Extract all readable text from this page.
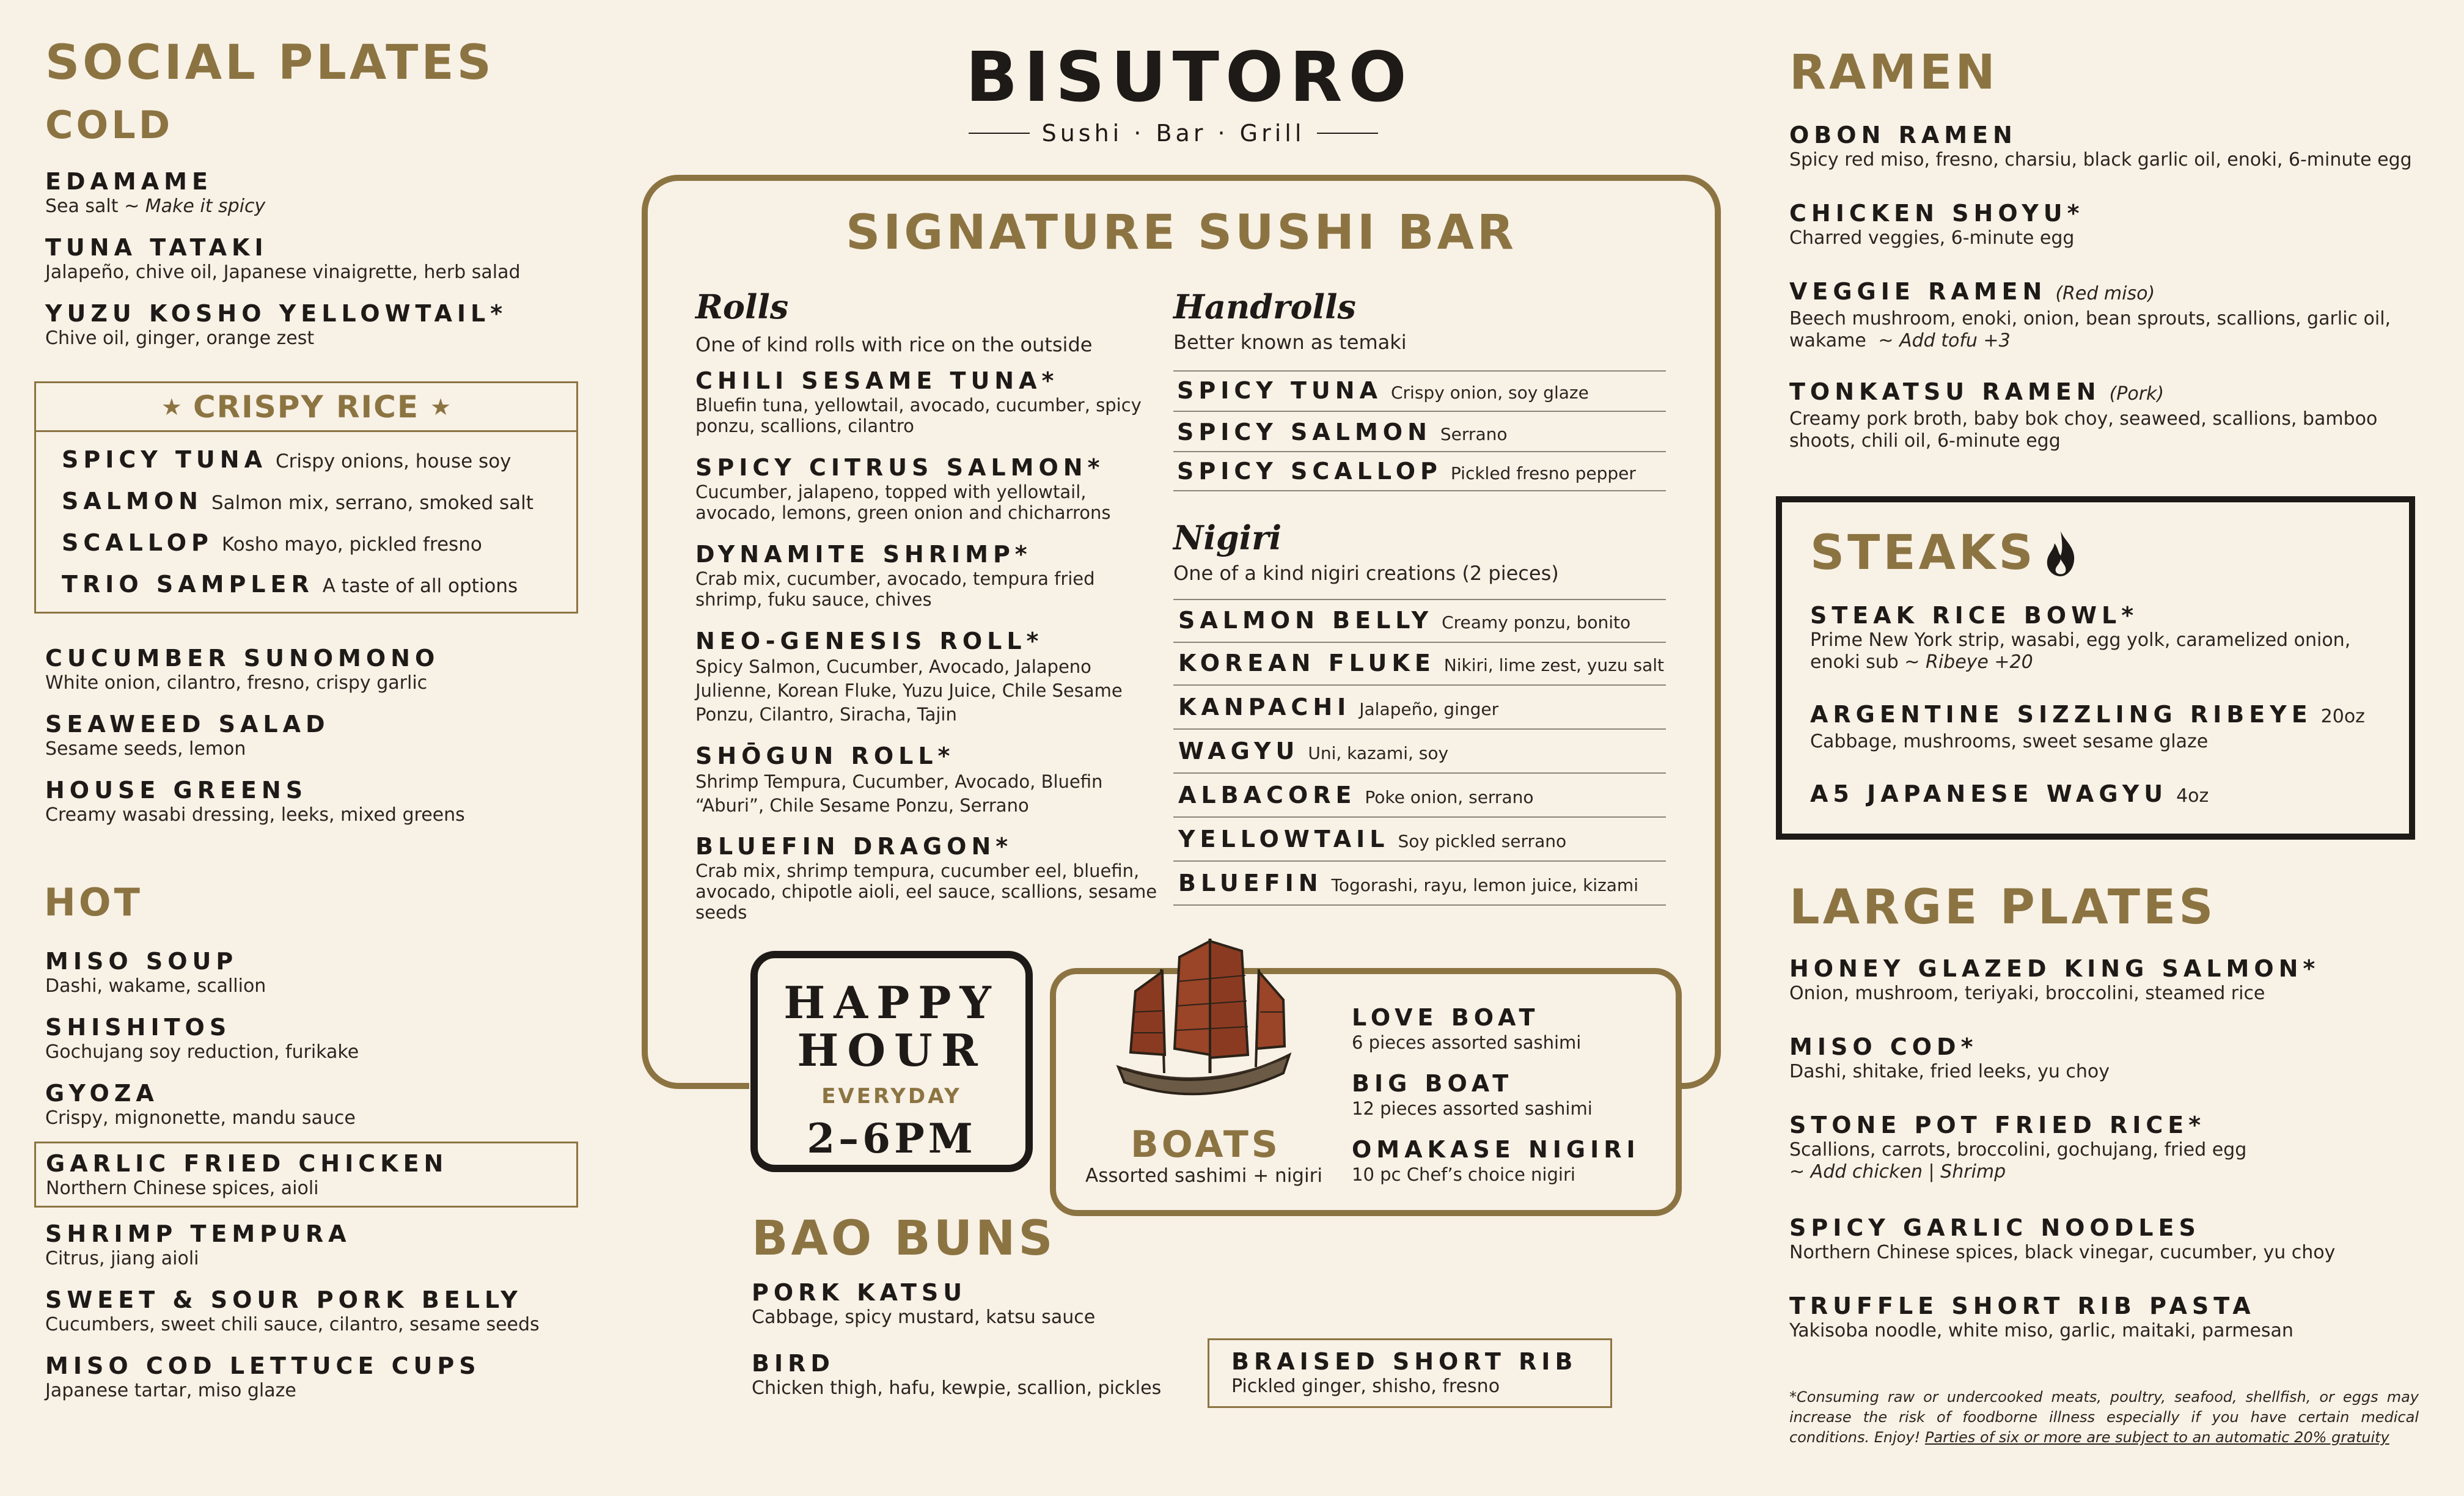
SOCIAL PLATES
COLD
EDAMAME
Sea salt ~ Make it spicy
TUNA TATAKI
Jalapeño, chive oil, Japanese vinaigrette, herb salad
YUZU KOSHO YELLOWTAIL*
Chive oil, ginger, orange zest
★ CRISPY RICE ★
SPICY TUNA Crispy onions, house soy
SALMON Salmon mix, serrano, smoked salt
SCALLOP Kosho mayo, pickled fresno
TRIO SAMPLER A taste of all options
CUCUMBER SUNOMONO
White onion, cilantro, fresno, crispy garlic
SEAWEED SALAD
Sesame seeds, lemon
HOUSE GREENS
Creamy wasabi dressing, leeks, mixed greens
HOT
MISO SOUP
Dashi, wakame, scallion
SHISHITOS
Gochujang soy reduction, furikake
GYOZA
Crispy, mignonette, mandu sauce
GARLIC FRIED CHICKEN
Northern Chinese spices, aioli
SHRIMP TEMPURA
Citrus, jiang aioli
SWEET & SOUR PORK BELLY
Cucumbers, sweet chili sauce, cilantro, sesame seeds
MISO COD LETTUCE CUPS
Japanese tartar, miso glaze
BISUTORO
Sushi · Bar · Grill
SIGNATURE SUSHI BAR
Rolls
One of kind rolls with rice on the outside
CHILI SESAME TUNA*
Bluefin tuna, yellowtail, avocado, cucumber, spicy ponzu, scallions, cilantro
SPICY CITRUS SALMON*
Cucumber, jalapeno, topped with yellowtail, avocado, lemons, green onion and chicharrons
DYNAMITE SHRIMP*
Crab mix, cucumber, avocado, tempura fried shrimp, fuku sauce, chives
NEO-GENESIS ROLL*
Spicy Salmon, Cucumber, Avocado, Jalapeno Julienne, Korean Fluke, Yuzu Juice, Chile Sesame Ponzu, Cilantro, Siracha, Tajin
SHŌGUN ROLL*
Shrimp Tempura, Cucumber, Avocado, Bluefin “Aburi”, Chile Sesame Ponzu, Serrano
BLUEFIN DRAGON*
Crab mix, shrimp tempura, cucumber eel, bluefin, avocado, chipotle aioli, eel sauce, scallions, sesame seeds
Handrolls
Better known as temaki
SPICY TUNA Crispy onion, soy glaze
SPICY SALMON Serrano
SPICY SCALLOP Pickled fresno pepper
Nigiri
One of a kind nigiri creations (2 pieces)
SALMON BELLY Creamy ponzu, bonito
KOREAN FLUKE Nikiri, lime zest, yuzu salt
KANPACHI Jalapeño, ginger
WAGYU Uni, kazami, soy
ALBACORE Poke onion, serrano
YELLOWTAIL Soy pickled serrano
BLUEFIN Togorashi, rayu, lemon juice, kizami
HAPPY
HOUR
EVERYDAY
2–6PM	BOATS
Assorted sashimi + nigiri
LOVE BOAT
6 pieces assorted sashimi
BIG BOAT
12 pieces assorted sashimi
OMAKASE NIGIRI
10 pc Chef’s choice nigiri
BAO BUNS
PORK KATSU
Cabbage, spicy mustard, katsu sauce
BIRD
Chicken thigh, hafu, kewpie, scallion, pickles
BRAISED SHORT RIB
Pickled ginger, shisho, fresno
RAMEN
OBON RAMEN
Spicy red miso, fresno, charsiu, black garlic oil, enoki, 6-minute egg
CHICKEN SHOYU*
Charred veggies, 6-minute egg
VEGGIE RAMEN (Red miso)
Beech mushroom, enoki, onion, bean sprouts, scallions, garlic oil, wakame ~ Add tofu +3
TONKATSU RAMEN (Pork)
Creamy pork broth, baby bok choy, seaweed, scallions, bamboo shoots, chili oil, 6-minute egg
STEAKS
STEAK RICE BOWL*
Prime New York strip, wasabi, egg yolk, caramelized onion, enoki sub ~ Ribeye +20
ARGENTINE SIZZLING RIBEYE 20oz
Cabbage, mushrooms, sweet sesame glaze
A5 JAPANESE WAGYU 4oz
LARGE PLATES
HONEY GLAZED KING SALMON*
Onion, mushroom, teriyaki, broccolini, steamed rice
MISO COD*
Dashi, shitake, fried leeks, yu choy
STONE POT FRIED RICE*
Scallions, carrots, broccolini, gochujang, fried egg
~ Add chicken | Shrimp
SPICY GARLIC NOODLES
Northern Chinese spices, black vinegar, cucumber, yu choy
TRUFFLE SHORT RIB PASTA
Yakisoba noodle, white miso, garlic, maitaki, parmesan
*Consuming raw or undercooked meats, poultry, seafood, shellfish, or eggs may increase the risk of foodborne illness especially if you have certain medical conditions. Enjoy! Parties of six or more are subject to an automatic 20% gratuity
